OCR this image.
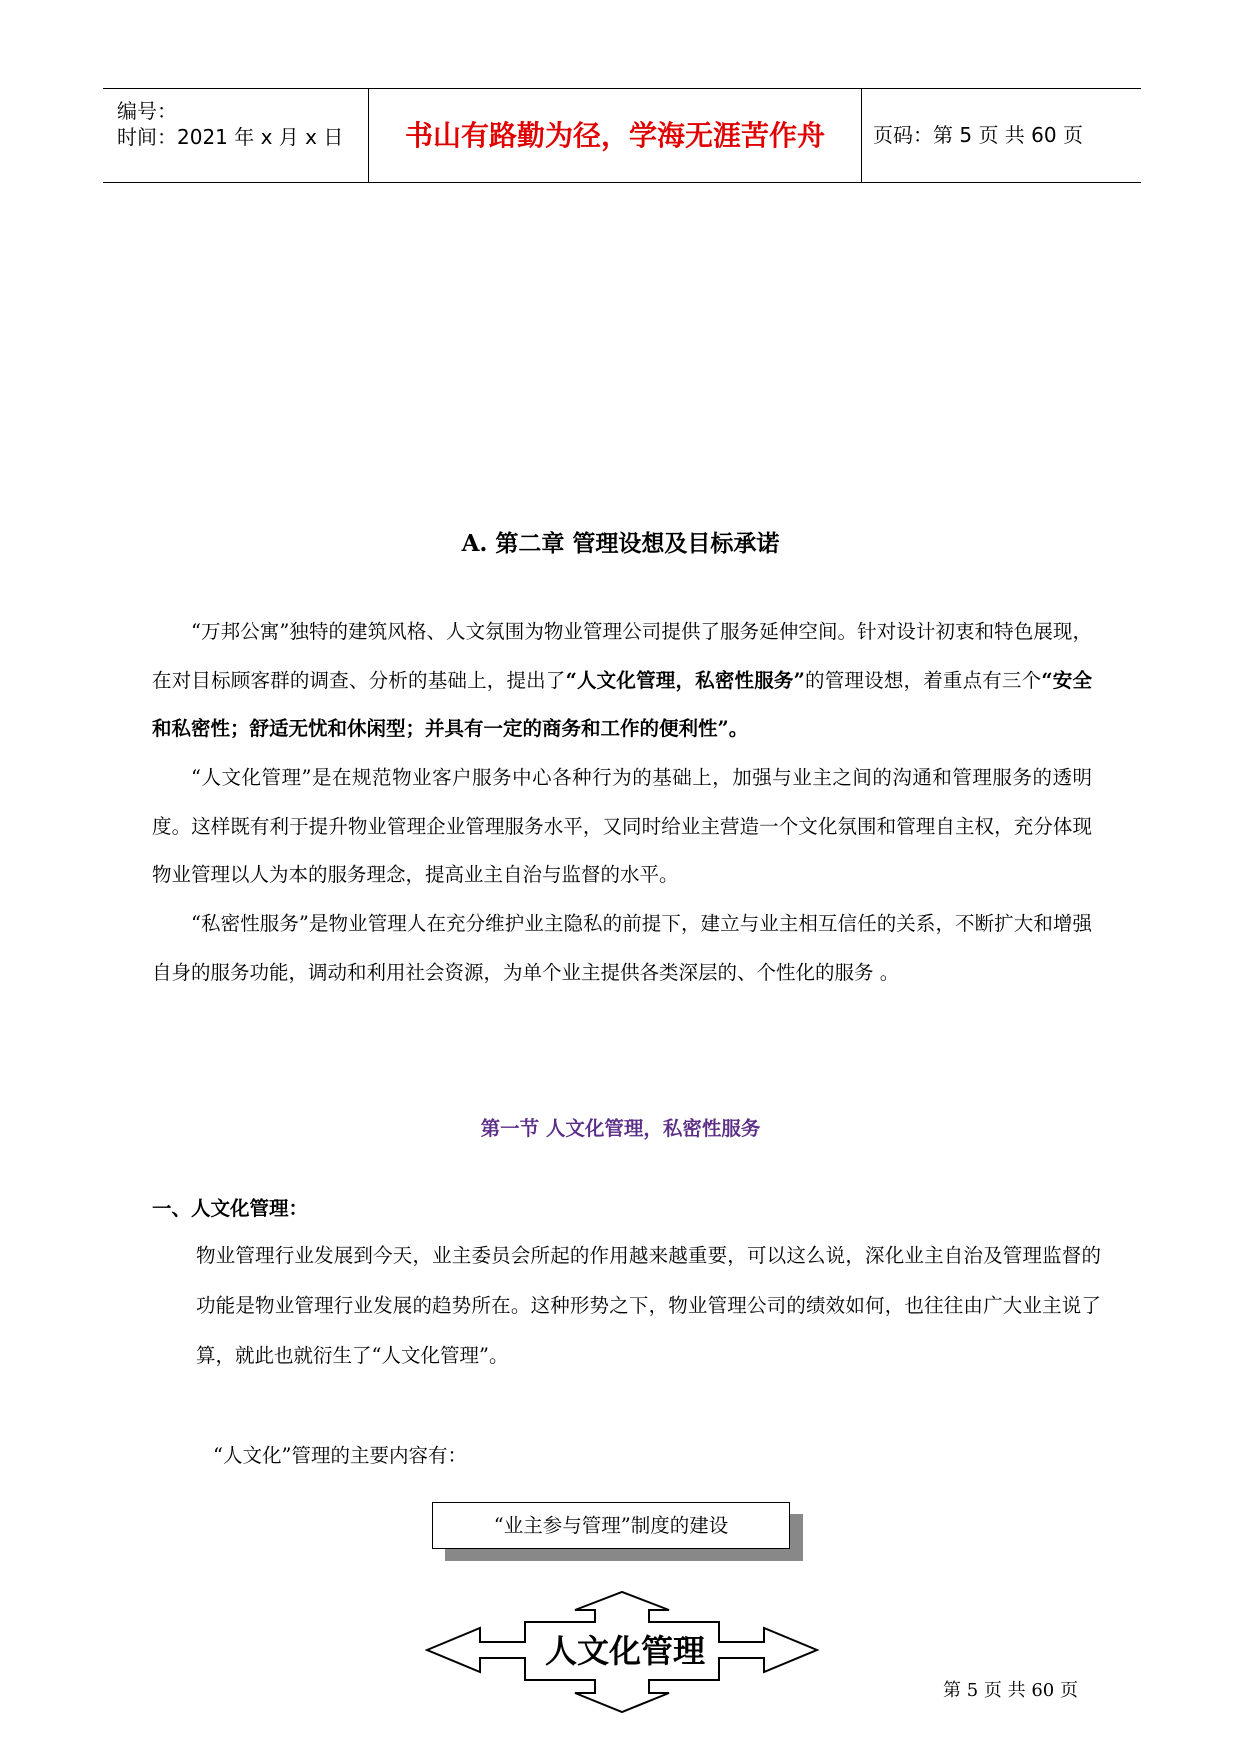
编号：
时间：2021 年 x 月 x 日	书山有路勤为径，学海无涯苦作舟	页码：第 5 页 共 60 页
A. 第二章 管理设想及目标承诺

“万邦公寓”独特的建筑风格、人文氛围为物业管理公司提供了服务延伸空间。针对设计初衷和特色展现，在对目标顾客群的调查、分析的基础上，提出了“人文化管理，私密性服务”的管理设想，着重点有三个“安全和私密性；舒适无忧和休闲型；并具有一定的商务和工作的便利性”。

“人文化管理”是在规范物业客户服务中心各种行为的基础上，加强与业主之间的沟通和管理服务的透明度。这样既有利于提升物业管理企业管理服务水平，又同时给业主营造一个文化氛围和管理自主权，充分体现物业管理以人为本的服务理念，提高业主自治与监督的水平。

“私密性服务”是物业管理人在充分维护业主隐私的前提下，建立与业主相互信任的关系，不断扩大和增强自身的服务功能，调动和利用社会资源，为单个业主提供各类深层的、个性化的服务 。

第一节 人文化管理，私密性服务
一、人文化管理：

物业管理行业发展到今天，业主委员会所起的作用越来越重要，可以这么说，深化业主自治及管理监督的功能是物业管理行业发展的趋势所在。这种形势之下，物业管理公司的绩效如何，也往往由广大业主说了算，就此也就衍生了“人文化管理”。

“人文化”管理的主要内容有：
“业主参与管理”制度的建设
人文化管理
第 5 页 共 60 页
